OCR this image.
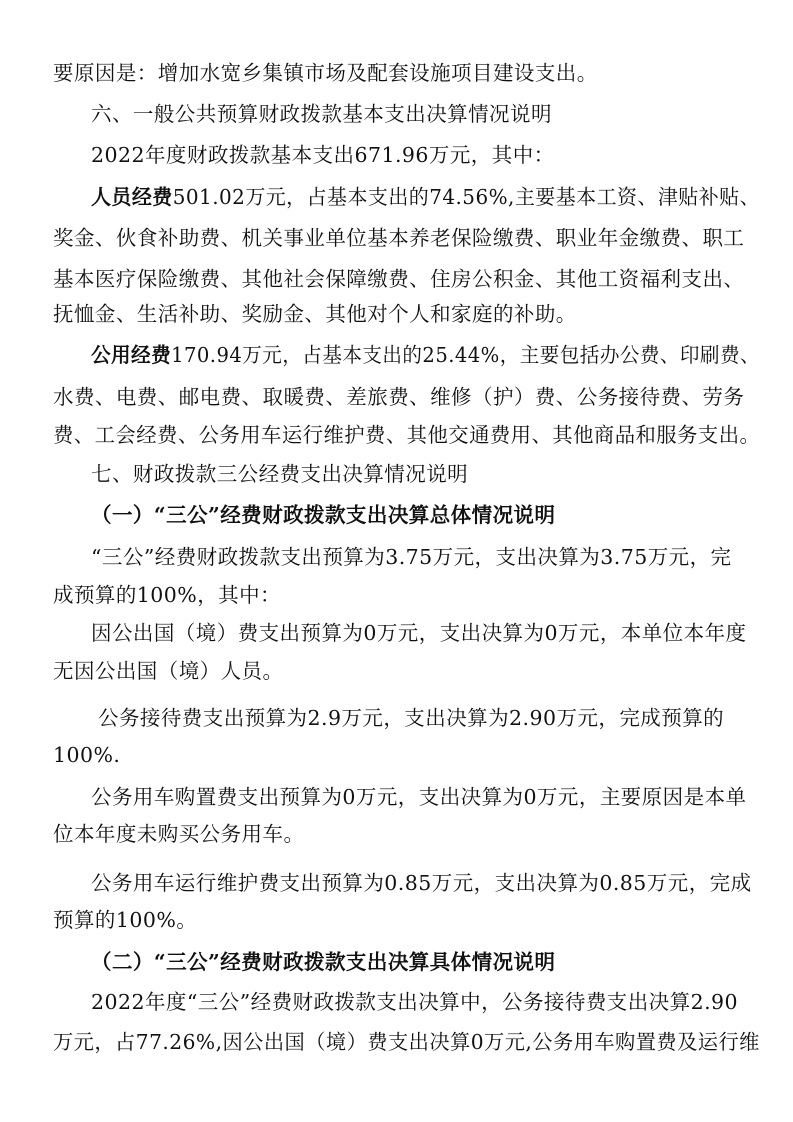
要原因是：增加水宽乡集镇市场及配套设施项目建设支出。
六、一般公共预算财政拨款基本支出决算情况说明
2022年度财政拨款基本支出671.96万元，其中：
人员经费501.02万元，占基本支出的74.56%,主要基本工资、津贴补贴、
奖金、伙食补助费、机关事业单位基本养老保险缴费、职业年金缴费、职工
基本医疗保险缴费、其他社会保障缴费、住房公积金、其他工资福利支出、
抚恤金、生活补助、奖励金、其他对个人和家庭的补助。
公用经费170.94万元，占基本支出的25.44%，主要包括办公费、印刷费、
水费、电费、邮电费、取暖费、差旅费、维修（护）费、公务接待费、劳务
费、工会经费、公务用车运行维护费、其他交通费用、其他商品和服务支出。
七、财政拨款三公经费支出决算情况说明
（一）“三公”经费财政拨款支出决算总体情况说明
“三公”经费财政拨款支出预算为3.75万元，支出决算为3.75万元，完
成预算的100%，其中：
因公出国（境）费支出预算为0万元，支出决算为0万元，本单位本年度
无因公出国（境）人员。
公务接待费支出预算为2.9万元，支出决算为2.90万元，完成预算的
100%.
公务用车购置费支出预算为0万元，支出决算为0万元，主要原因是本单
位本年度未购买公务用车。
公务用车运行维护费支出预算为0.85万元，支出决算为0.85万元，完成
预算的100%。
（二）“三公”经费财政拨款支出决算具体情况说明
2022年度“三公”经费财政拨款支出决算中，公务接待费支出决算2.90
万元，占77.26%,因公出国（境）费支出决算0万元,公务用车购置费及运行维
